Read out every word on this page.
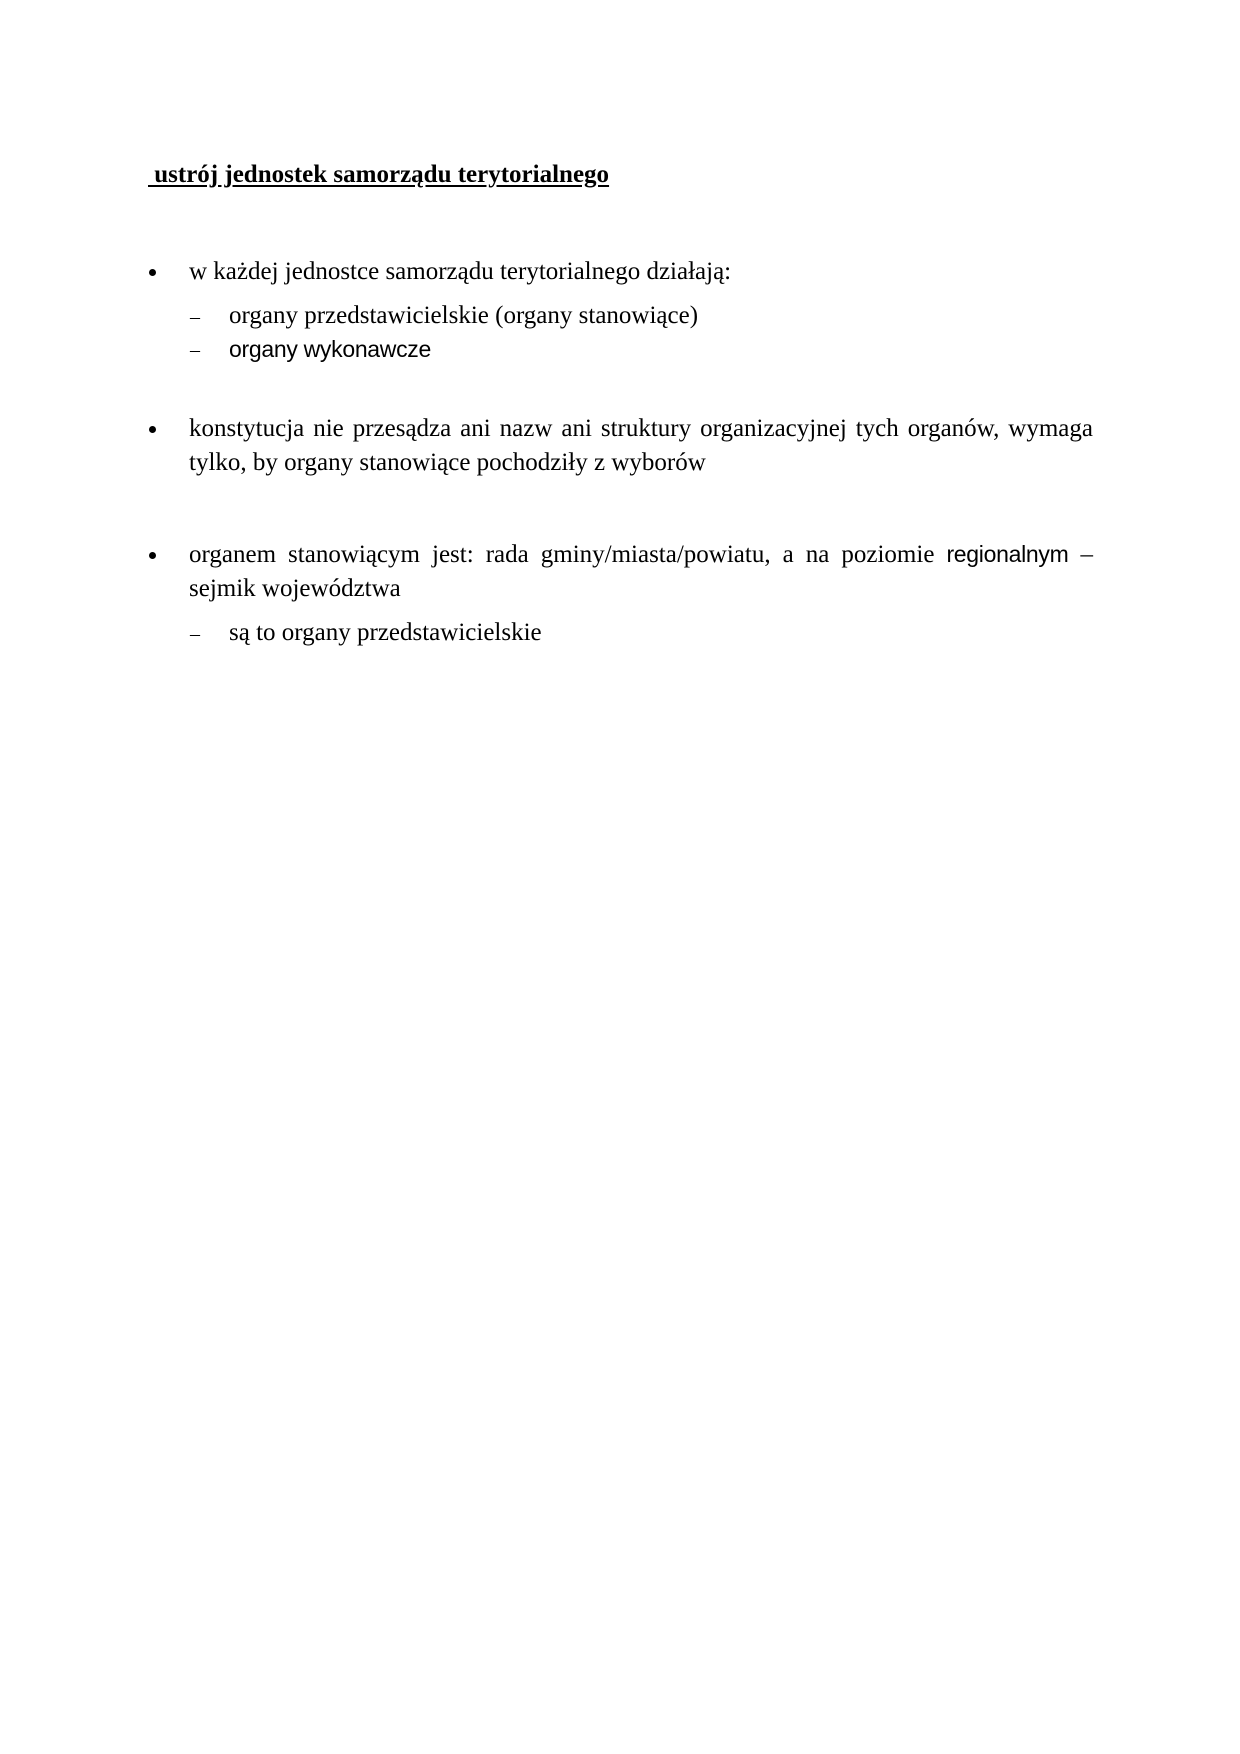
ustrój jednostek samorządu terytorialnego
w każdej jednostce samorządu terytorialnego działają:
– organy przedstawicielskie (organy stanowiące)
– organy wykonawcze
konstytucja nie przesądza ani nazw ani struktury organizacyjnej tych organów, wymaga tylko, by organy stanowiące pochodziły z wyborów
organem stanowiącym jest: rada gminy/miasta/powiatu, a na poziomie regionalnym – sejmik województwa
– są to organy przedstawicielskie
